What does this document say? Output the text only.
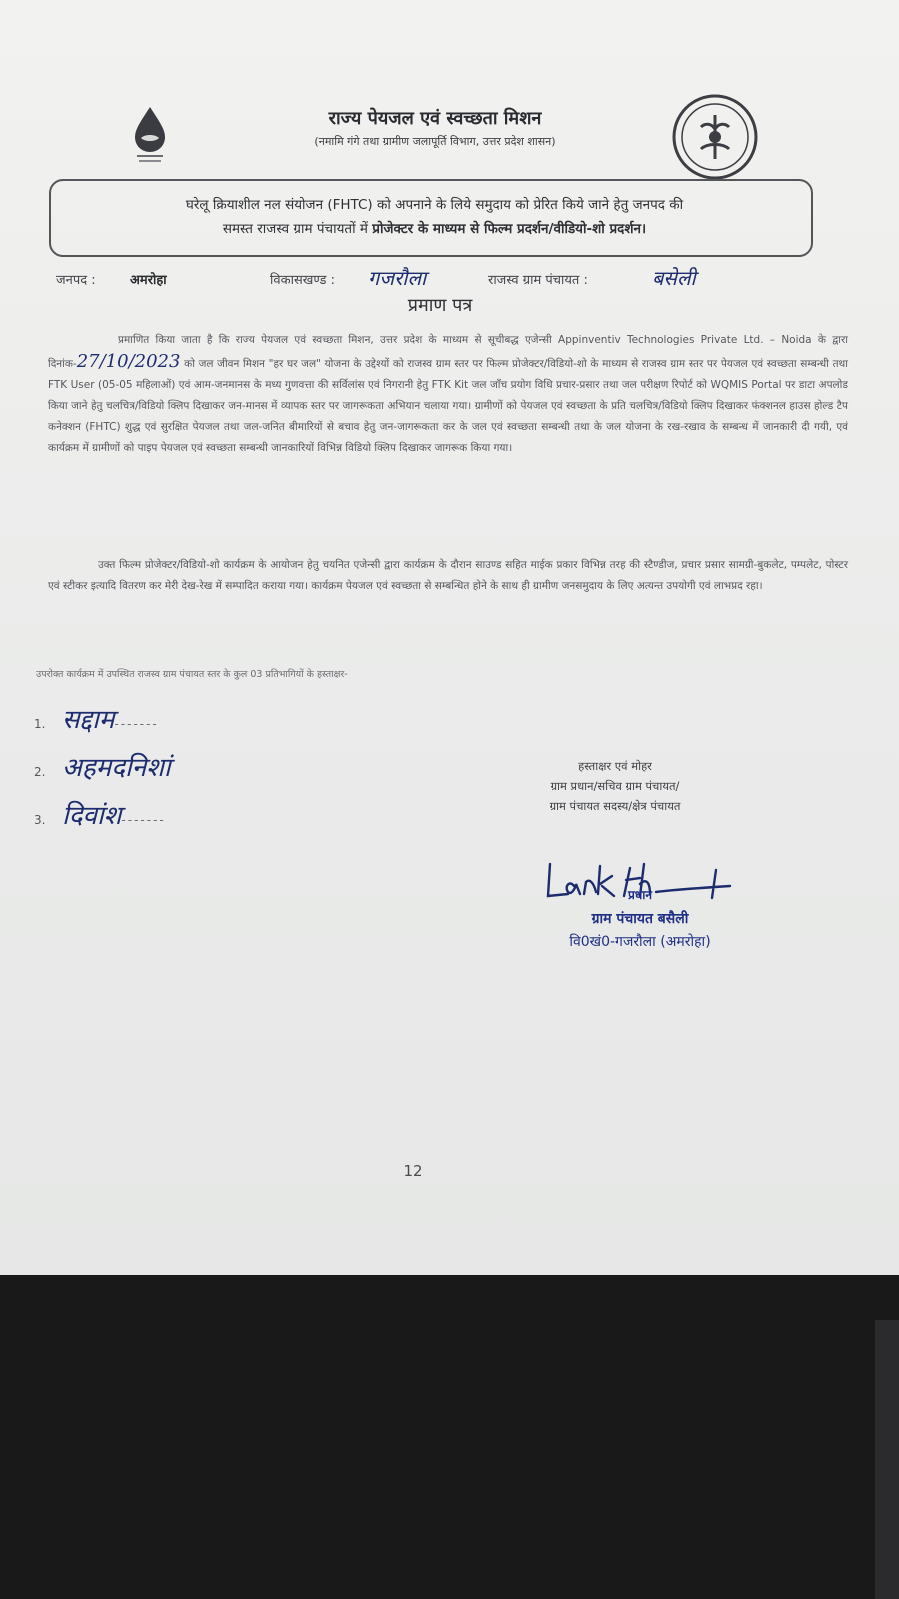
राज्य पेयजल एवं स्वच्छता मिशन
(नमामि गंगे तथा ग्रामीण जलापूर्ति विभाग, उत्तर प्रदेश शासन)
घरेलू क्रियाशील नल संयोजन (FHTC) को अपनाने के लिये समुदाय को प्रेरित किये जाने हेतु जनपद की
समस्त राजस्व ग्राम पंचायतों में प्रोजेक्टर के माध्यम से फिल्म प्रदर्शन/वीडियो-शो प्रदर्शन।
जनपद :	अमरोहा	विकासखण्ड : गजरौला	राजस्व ग्राम पंचायत :	बसेली
प्रमाण पत्र
प्रमाणित किया जाता है कि राज्य पेयजल एवं स्वच्छता मिशन, उत्तर प्रदेश के माध्यम से सूचीबद्ध एजेन्सी Appinventiv Technologies Private Ltd. – Noida के द्वारा दिनांक-27/10/2023 को जल जीवन मिशन "हर घर जल" योजना के उद्देश्यों को राजस्व ग्राम स्तर पर फिल्म प्रोजेक्टर/विडियो-शो के माध्यम से राजस्व ग्राम स्तर पर पेयजल एवं स्वच्छता सम्बन्धी तथा FTK User (05-05 महिलाओं) एवं आम-जनमानस के मध्य गुणवत्ता की सर्विलांस एवं निगरानी हेतु FTK Kit जल जाँच प्रयोग विधि प्रचार-प्रसार तथा जल परीक्षण रिपोर्ट को WQMIS Portal पर डाटा अपलोड किया जाने हेतु चलचित्र/विडियो क्लिप दिखाकर जन-मानस में व्यापक स्तर पर जागरूकता अभियान चलाया गया। ग्रामीणों को पेयजल एवं स्वच्छता के प्रति चलचित्र/विडियो क्लिप दिखाकर फंक्शनल हाउस होल्ड टैप कनेक्शन (FHTC) शुद्ध एवं सुरक्षित पेयजल तथा जल-जनित बीमारियों से बचाव हेतु जन-जागरूकता कर के जल एवं स्वच्छता सम्बन्धी तथा के जल योजना के रख-रखाव के सम्बन्ध में जानकारी दी गयी, एवं कार्यक्रम में ग्रामीणों को पाइप पेयजल एवं स्वच्छता सम्बन्धी जानकारियों विभिन्न विडियो क्लिप दिखाकर जागरूक किया गया।
उक्त फिल्म प्रोजेक्टर/विडियो-शो कार्यक्रम के आयोजन हेतु चयनित एजेन्सी द्वारा कार्यक्रम के दौरान साउण्ड सहित माईक प्रकार विभिन्न तरह की स्टैण्डीज, प्रचार प्रसार सामग्री-बुकलेट, पम्पलेट, पोस्टर एवं स्टीकर इत्यादि वितरण कर मेरी देख-रेख में सम्पादित कराया गया। कार्यक्रम पेयजल एवं स्वच्छता से सम्बन्धित होने के साथ ही ग्रामीण जनसमुदाय के लिए अत्यन्त उपयोगी एवं लाभप्रद रहा।
उपरोक्त कार्यक्रम में उपस्थित राजस्व ग्राम पंचायत स्तर के कुल 03 प्रतिभागियों के हस्ताक्षर-
1. सद्दाम-------
2. अहमदनिशां
3. दिवांश-------
हस्ताक्षर एवं मोहर
ग्राम प्रधान/सचिव ग्राम पंचायत/
ग्राम पंचायत सदस्य/क्षेत्र पंचायत
प्रधान
ग्राम पंचायत बसैली
वि0खं0-गजरौला (अमरोहा)
12
